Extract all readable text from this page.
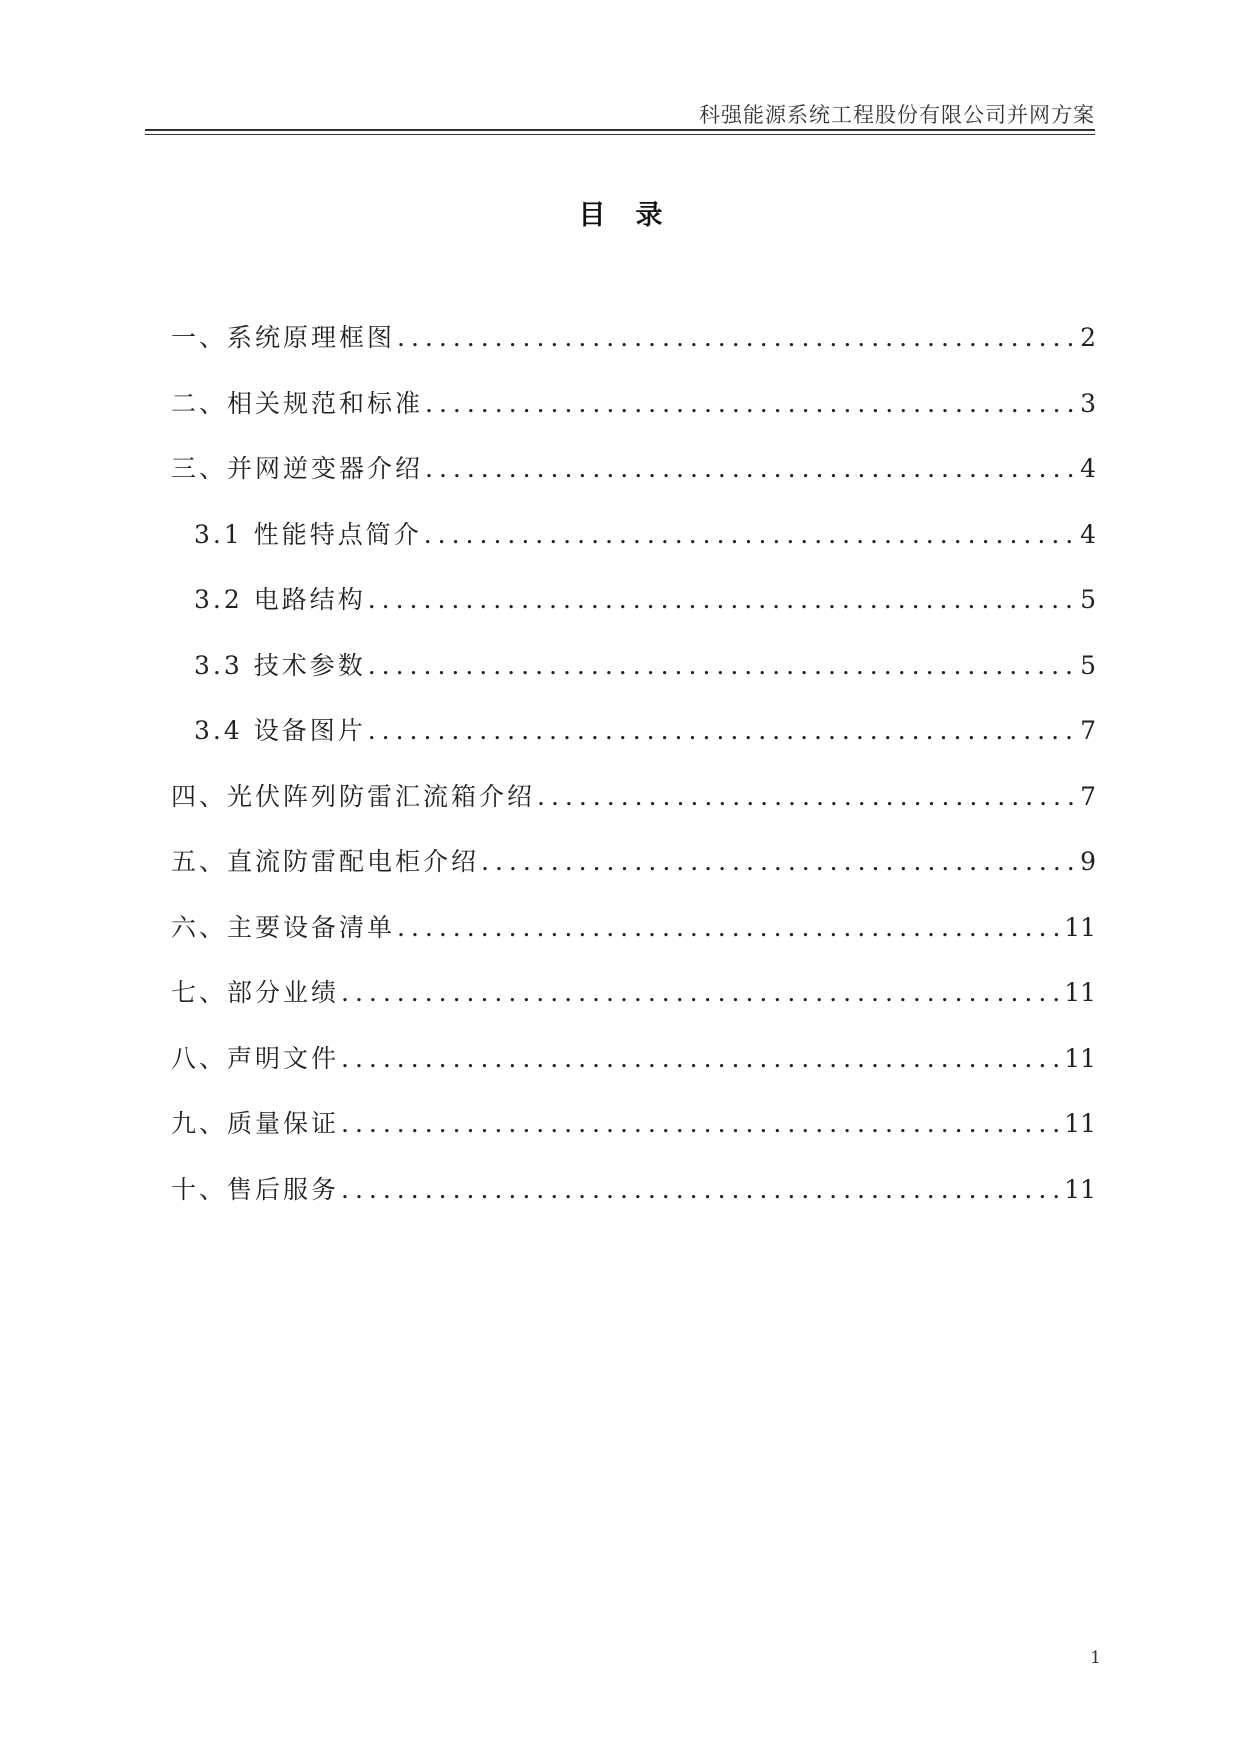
科强能源系统工程股份有限公司并网方案
目录
一、系统原理框图 .....	2
二、相关规范和标准 .....	3
三、并网逆变器介绍 .....	4
3.1 性能特点简介 .....	4
3.2 电路结构 .....	5
3.3 技术参数 .....	5
3.4 设备图片 .....	7
四、光伏阵列防雷汇流箱介绍 .....	7
五、直流防雷配电柜介绍 .....	9
六、主要设备清单 .....	11
七、部分业绩 .....	11
八、声明文件 .....	11
九、质量保证 .....	11
十、售后服务 .....	11
1
